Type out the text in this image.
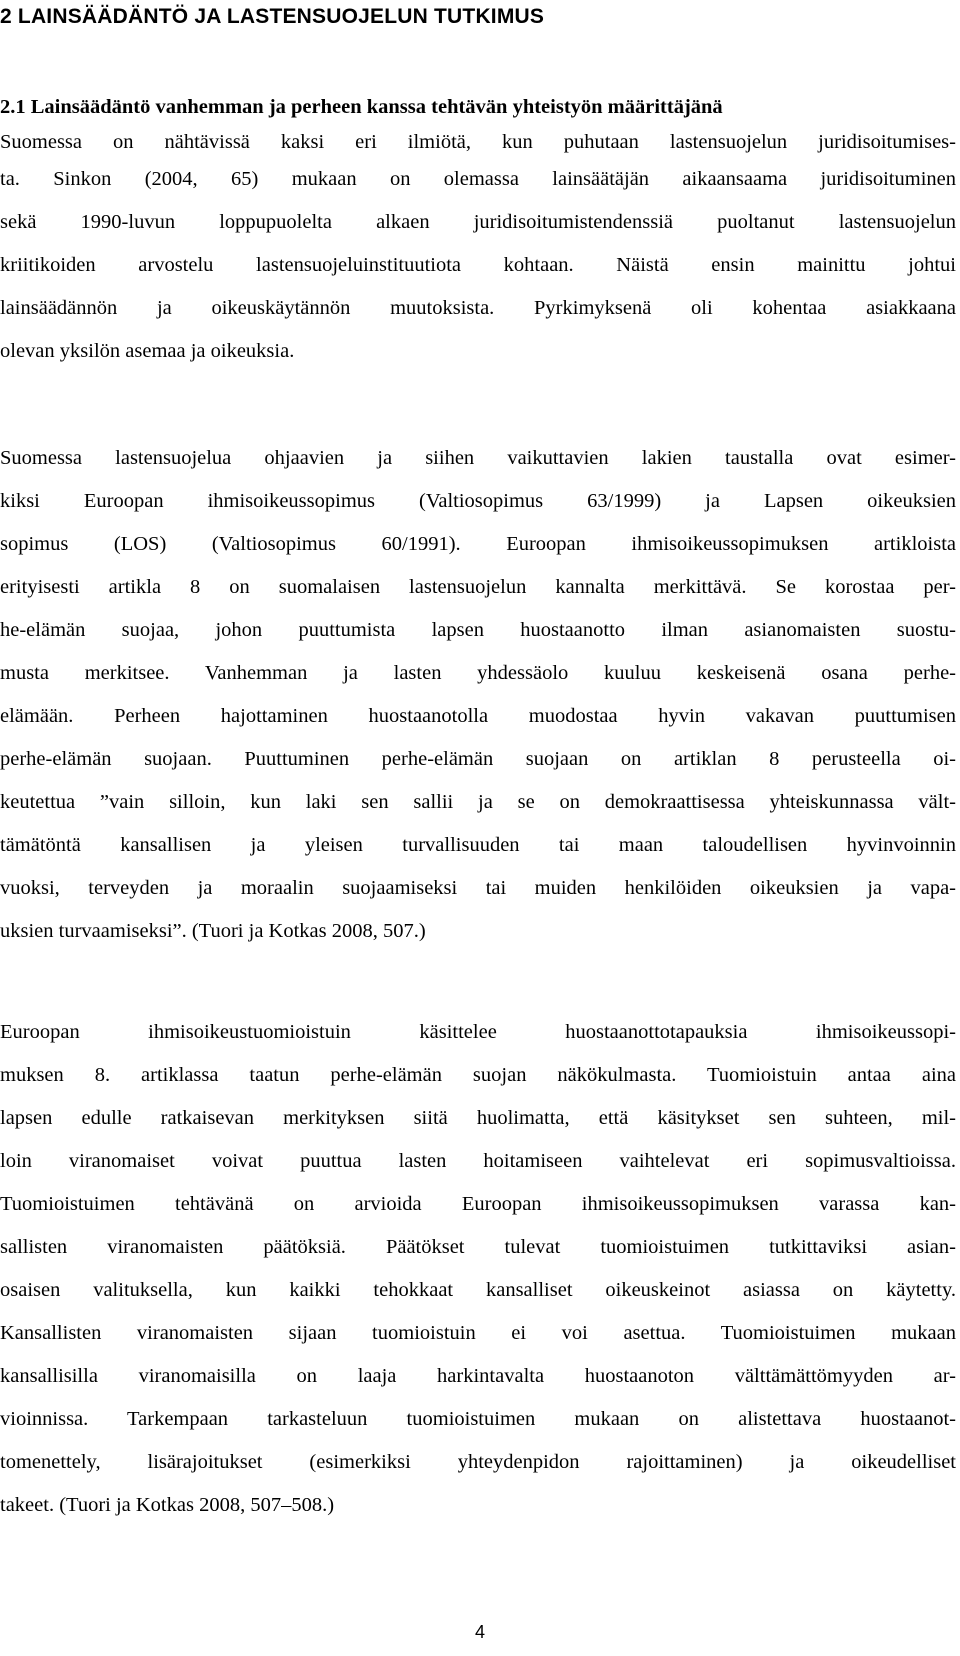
2 LAINSÄÄDÄNTÖ JA LASTENSUOJELUN TUTKIMUS
2.1 Lainsäädäntö vanhemman ja perheen kanssa tehtävän yhteistyön määrittäjänä

Suomessa on nähtävissä kaksi eri ilmiötä, kun puhutaan lastensuojelun juridisoitumises-
ta. Sinkon (2004, 65) mukaan on olemassa lainsäätäjän aikaansaama juridisoituminen
sekä 1990-luvun loppupuolelta alkaen juridisoitumistendenssiä puoltanut lastensuojelun
kriitikoiden arvostelu lastensuojeluinstituutiota kohtaan. Näistä ensin mainittu johtui
lainsäädännön ja oikeuskäytännön muutoksista. Pyrkimyksenä oli kohentaa asiakkaana
olevan yksilön asemaa ja oikeuksia.

Suomessa lastensuojelua ohjaavien ja siihen vaikuttavien lakien taustalla ovat esimer-
kiksi Euroopan ihmisoikeussopimus (Valtiosopimus 63/1999) ja Lapsen oikeuksien
sopimus (LOS) (Valtiosopimus 60/1991). Euroopan ihmisoikeussopimuksen artikloista
erityisesti artikla 8 on suomalaisen lastensuojelun kannalta merkittävä. Se korostaa per-
he-elämän suojaa, johon puuttumista lapsen huostaanotto ilman asianomaisten suostu-
musta merkitsee. Vanhemman ja lasten yhdessäolo kuuluu keskeisenä osana perhe-
elämään. Perheen hajottaminen huostaanotolla muodostaa hyvin vakavan puuttumisen
perhe-elämän suojaan. Puuttuminen perhe-elämän suojaan on artiklan 8 perusteella oi-
keutettua ”vain silloin, kun laki sen sallii ja se on demokraattisessa yhteiskunnassa vält-
tämätöntä kansallisen ja yleisen turvallisuuden tai maan taloudellisen hyvinvoinnin
vuoksi, terveyden ja moraalin suojaamiseksi tai muiden henkilöiden oikeuksien ja vapa-
uksien turvaamiseksi”. (Tuori ja Kotkas 2008, 507.)

Euroopan ihmisoikeustuomioistuin käsittelee huostaanottotapauksia ihmisoikeussopi-
muksen 8. artiklassa taatun perhe-elämän suojan näkökulmasta. Tuomioistuin antaa aina
lapsen edulle ratkaisevan merkityksen siitä huolimatta, että käsitykset sen suhteen, mil-
loin viranomaiset voivat puuttua lasten hoitamiseen vaihtelevat eri sopimusvaltioissa.
Tuomioistuimen tehtävänä on arvioida Euroopan ihmisoikeussopimuksen varassa kan-
sallisten viranomaisten päätöksiä. Päätökset tulevat tuomioistuimen tutkittaviksi asian-
osaisen valituksella, kun kaikki tehokkaat kansalliset oikeuskeinot asiassa on käytetty.
Kansallisten viranomaisten sijaan tuomioistuin ei voi asettua. Tuomioistuimen mukaan
kansallisilla viranomaisilla on laaja harkintavalta huostaanoton välttämättömyyden ar-
vioinnissa. Tarkempaan tarkasteluun tuomioistuimen mukaan on alistettava huostaanot-
tomenettely, lisärajoitukset (esimerkiksi yhteydenpidon rajoittaminen) ja oikeudelliset
takeet. (Tuori ja Kotkas 2008, 507–508.)

4
